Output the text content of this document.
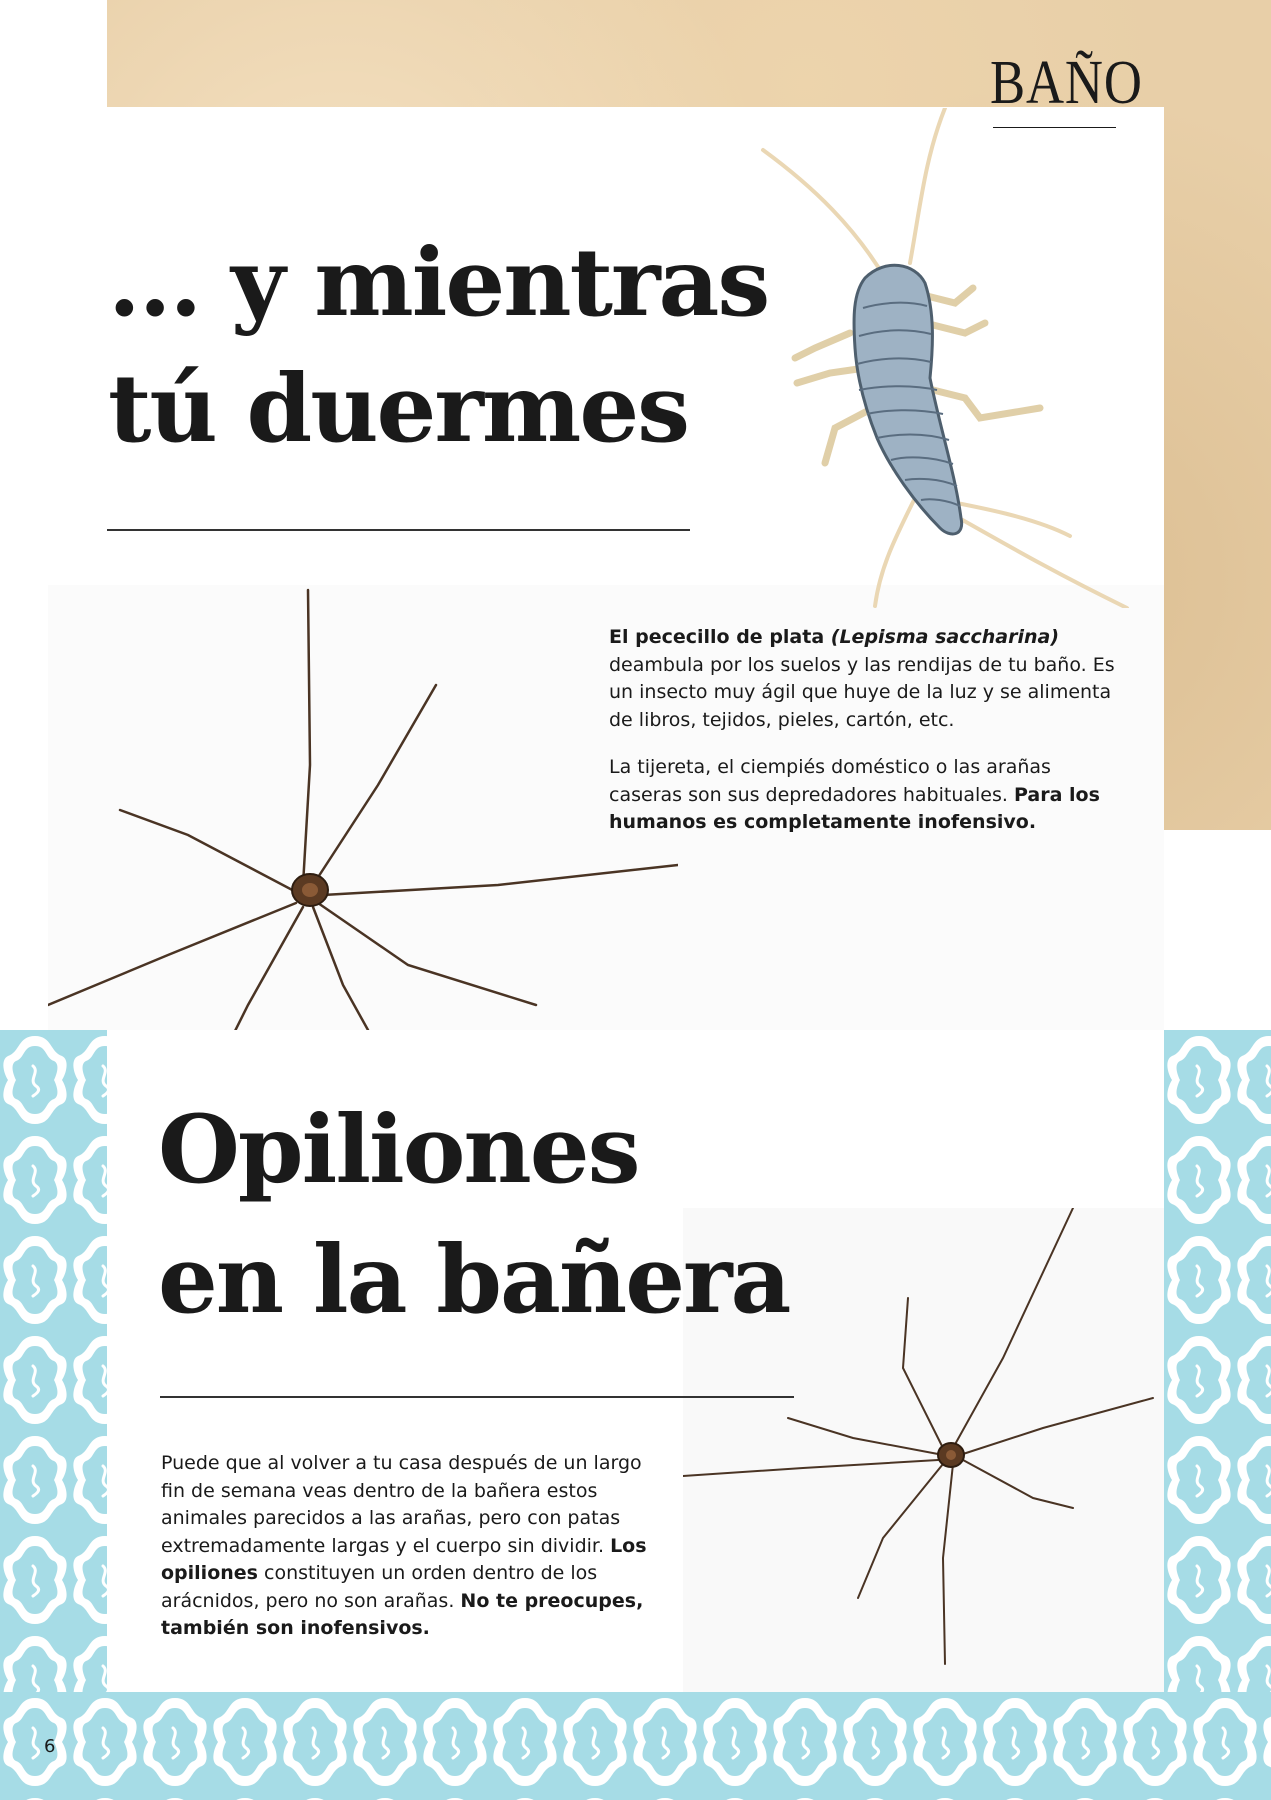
BAÑO
... y mientras
tú duermes

El pececillo de plata (Lepisma saccharina) deambula por los suelos y las rendijas de tu baño. Es un insecto muy ágil que huye de la luz y se alimenta de libros, tejidos, pieles, cartón, etc.

La tijereta, el ciempiés doméstico o las arañas caseras son sus depredadores habituales. Para los humanos es completamente inofensivo.

Opiliones
en la bañera

Puede que al volver a tu casa después de un largo fin de semana veas dentro de la bañera estos animales parecidos a las arañas, pero con patas extremadamente largas y el cuerpo sin dividir. Los opiliones constituyen un orden dentro de los arácnidos, pero no son arañas. No te preocupes, también son inofensivos.

6
